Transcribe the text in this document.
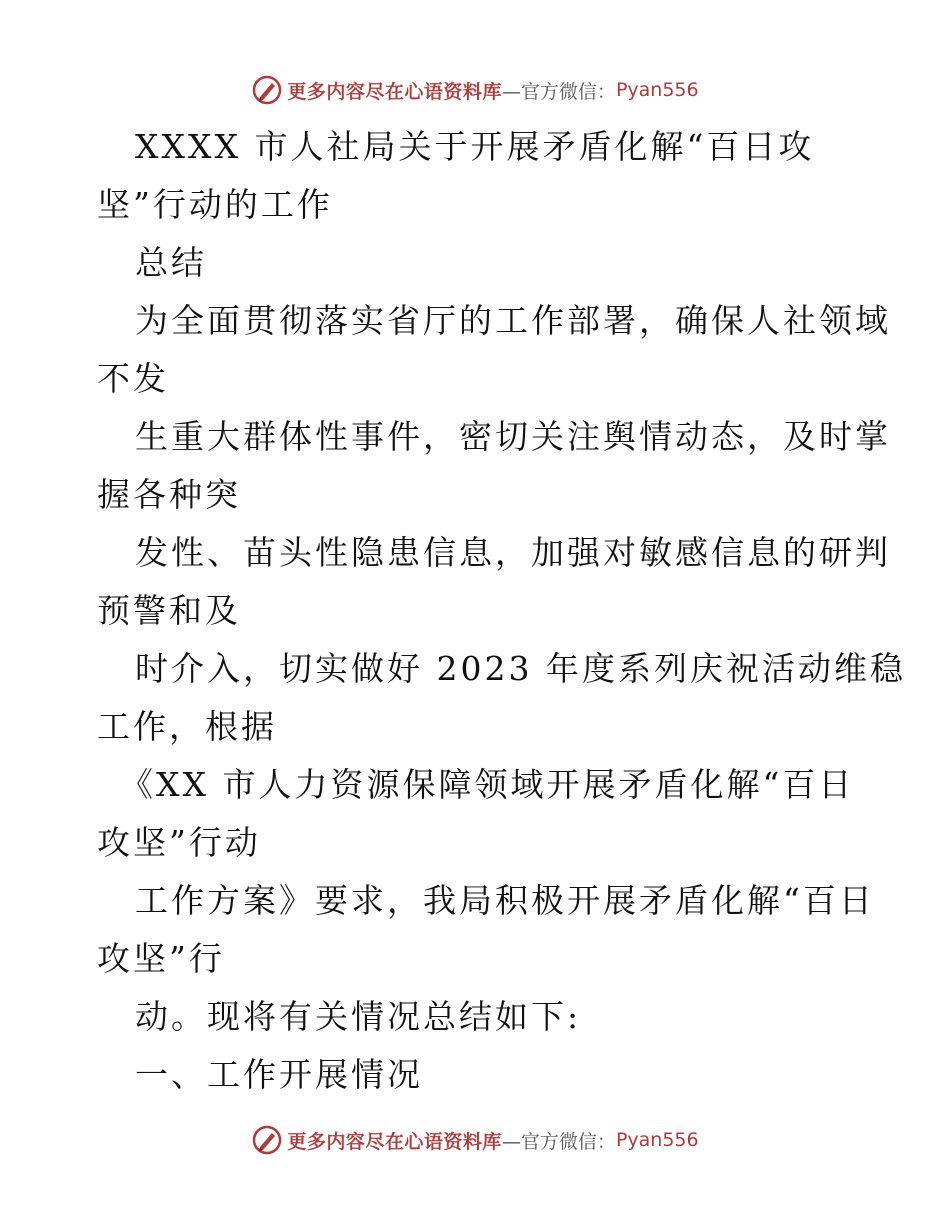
更多内容尽在心语资料库 —官方微信： Pyan556
XXXX 市人社局关于开展矛盾化解“百日攻
坚”行动的工作
总结
为全面贯彻落实省厅的工作部署，确保人社领域
不发
生重大群体性事件，密切关注舆情动态，及时掌
握各种突
发性、苗头性隐患信息，加强对敏感信息的研判
预警和及
时介入，切实做好 2023 年度系列庆祝活动维稳
工作，根据
《XX 市人力资源保障领域开展矛盾化解“百日
攻坚”行动
工作方案》要求，我局积极开展矛盾化解“百日
攻坚”行
动。现将有关情况总结如下:
一、工作开展情况
更多内容尽在心语资料库 —官方微信： Pyan556
